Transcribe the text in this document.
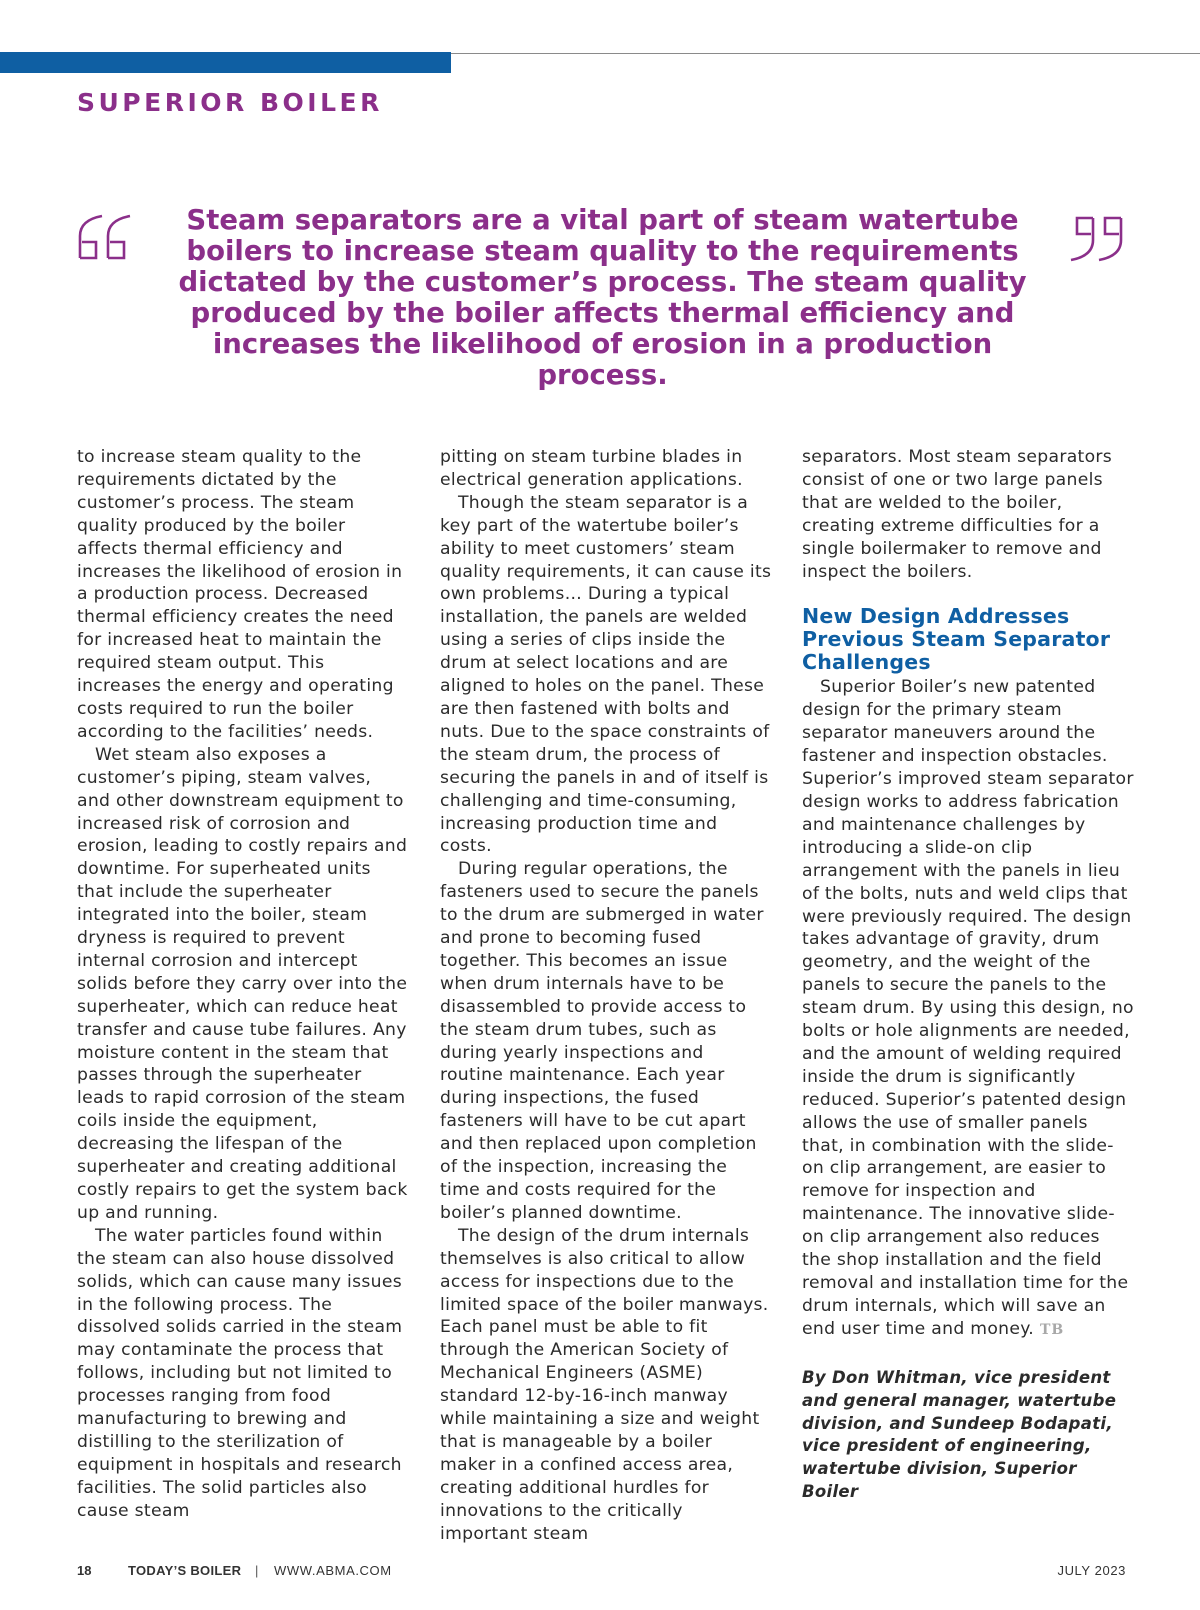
SUPERIOR BOILER

Steam separators are a vital part of steam watertube boilers to increase steam quality to the requirements dictated by the customer’s process. The steam quality produced by the boiler affects thermal efficiency and increases the likelihood of erosion in a production process.

to increase steam quality to the requirements dictated by the customer’s process. The steam quality produced by the boiler affects thermal efficiency and increases the likelihood of erosion in a production process. Decreased thermal efficiency creates the need for increased heat to maintain the required steam output. This increases the energy and operating costs required to run the boiler according to the facilities’ needs.

Wet steam also exposes a customer’s piping, steam valves, and other downstream equipment to increased risk of corrosion and erosion, leading to costly repairs and downtime. For superheated units that include the superheater integrated into the boiler, steam dryness is required to prevent internal corrosion and intercept solids before they carry over into the superheater, which can reduce heat transfer and cause tube failures. Any moisture content in the steam that passes through the superheater leads to rapid corrosion of the steam coils inside the equipment, decreasing the lifespan of the superheater and creating additional costly repairs to get the system back up and running.

The water particles found within the steam can also house dissolved solids, which can cause many issues in the following process. The dissolved solids carried in the steam may contaminate the process that follows, including but not limited to processes ranging from food manufacturing to brewing and distilling to the sterilization of equipment in hospitals and research facilities. The solid particles also cause steam

pitting on steam turbine blades in electrical generation applications.

Though the steam separator is a key part of the watertube boiler’s ability to meet customers’ steam quality requirements, it can cause its own problems… During a typical installation, the panels are welded using a series of clips inside the drum at select locations and are aligned to holes on the panel. These are then fastened with bolts and nuts. Due to the space constraints of the steam drum, the process of securing the panels in and of itself is challenging and time-consuming, increasing production time and costs.

During regular operations, the fasteners used to secure the panels to the drum are submerged in water and prone to becoming fused together. This becomes an issue when drum internals have to be disassembled to provide access to the steam drum tubes, such as during yearly inspections and routine maintenance. Each year during inspections, the fused fasteners will have to be cut apart and then replaced upon completion of the inspection, increasing the time and costs required for the boiler’s planned downtime.

The design of the drum internals themselves is also critical to allow access for inspections due to the limited space of the boiler manways. Each panel must be able to fit through the American Society of Mechanical Engineers (ASME) standard 12-by-16-inch manway while maintaining a size and weight that is manageable by a boiler maker in a confined access area, creating additional hurdles for innovations to the critically important steam

separators. Most steam separators consist of one or two large panels that are welded to the boiler, creating extreme difficulties for a single boilermaker to remove and inspect the boilers.

New Design Addresses Previous Steam Separator Challenges

Superior Boiler’s new patented design for the primary steam separator maneuvers around the fastener and inspection obstacles. Superior’s improved steam separator design works to address fabrication and maintenance challenges by introducing a slide-on clip arrangement with the panels in lieu of the bolts, nuts and weld clips that were previously required. The design takes advantage of gravity, drum geometry, and the weight of the panels to secure the panels to the steam drum. By using this design, no bolts or hole alignments are needed, and the amount of welding required inside the drum is significantly reduced. Superior’s patented design allows the use of smaller panels that, in combination with the slide-on clip arrangement, are easier to remove for inspection and maintenance. The innovative slide-on clip arrangement also reduces the shop installation and the field removal and installation time for the drum internals, which will save an end user time and money. TB

By Don Whitman, vice president and general manager, watertube division, and Sundeep Bodapati, vice president of engineering, watertube division, Superior Boiler

18	TODAY’S BOILER | WWW.ABMA.COM	JULY 2023
